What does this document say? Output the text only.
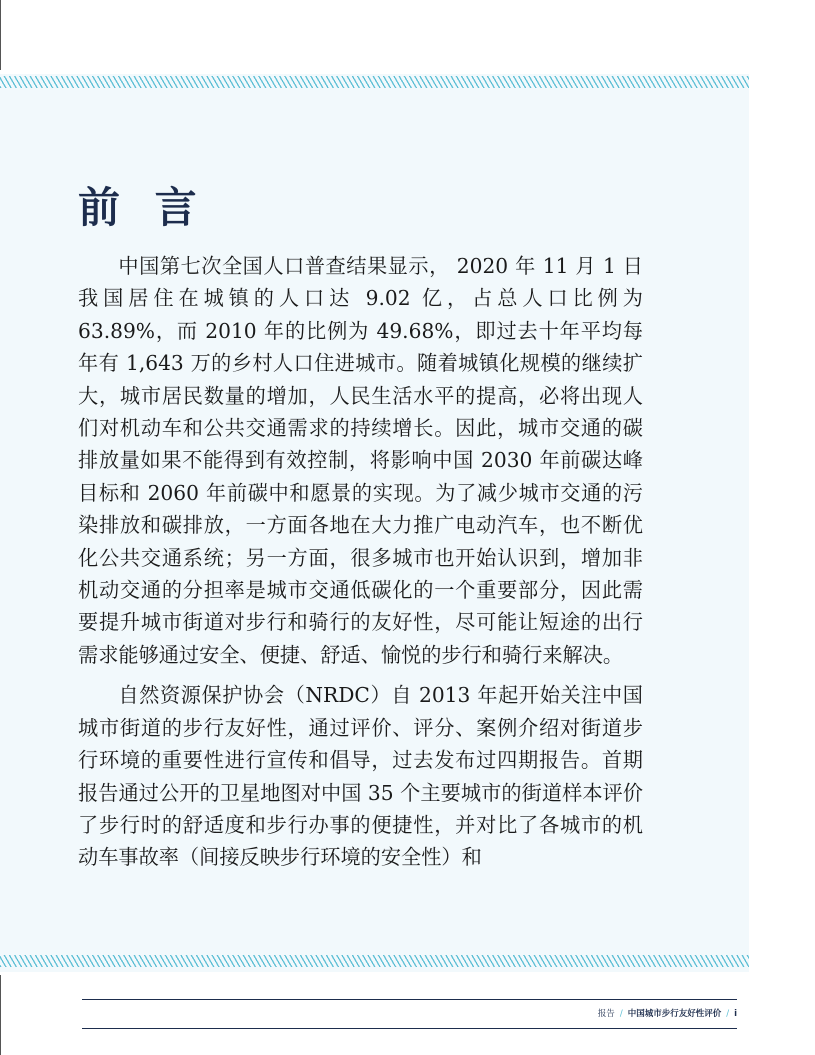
前 言

中国第七次全国人口普查结果显示， 2020 年 11 月 1 日我国居住在城镇的人口达 9.02 亿，占总人口比例为 63.89%，而 2010 年的比例为 49.68%，即过去十年平均每年有 1,643 万的乡村人口住进城市。随着城镇化规模的继续扩大，城市居民数量的增加，人民生活水平的提高，必将出现人们对机动车和公共交通需求的持续增长。因此，城市交通的碳排放量如果不能得到有效控制，将影响中国 2030 年前碳达峰目标和 2060 年前碳中和愿景的实现。为了减少城市交通的污染排放和碳排放，一方面各地在大力推广电动汽车，也不断优化公共交通系统；另一方面，很多城市也开始认识到，增加非机动交通的分担率是城市交通低碳化的一个重要部分，因此需要提升城市街道对步行和骑行的友好性，尽可能让短途的出行需求能够通过安全、便捷、舒适、愉悦的步行和骑行来解决。

自然资源保护协会（NRDC）自 2013 年起开始关注中国城市街道的步行友好性，通过评价、评分、案例介绍对街道步行环境的重要性进行宣传和倡导，过去发布过四期报告。首期报告通过公开的卫星地图对中国 35 个主要城市的街道样本评价了步行时的舒适度和步行办事的便捷性，并对比了各城市的机动车事故率（间接反映步行环境的安全性）和

报告 / 中国城市步行友好性评价 / i
